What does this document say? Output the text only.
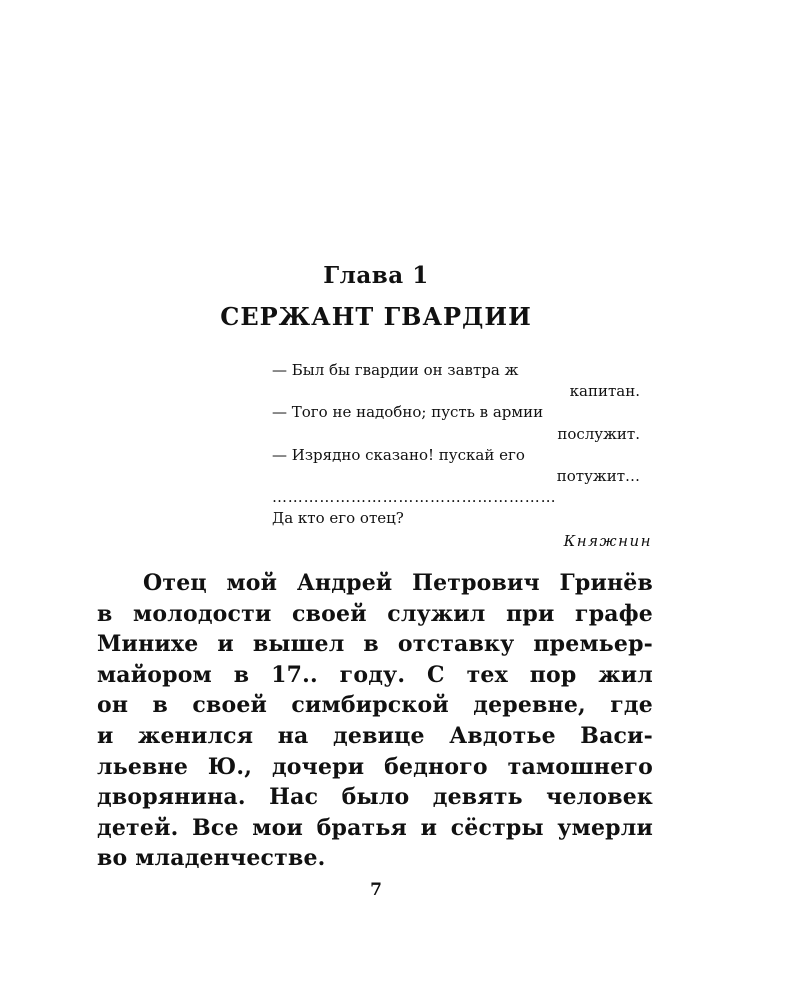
Глава 1
СЕРЖАНТ ГВАРДИИ
— Был бы гвардии он завтра ж
капитан.
— Того не надобно; пусть в армии
послужит.
— Изрядно сказано! пускай его
потужит…
………………………………………………
Да кто его отец?
Княжнин
Отец мой Андрей Петрович Гринёв
в молодости своей служил при графе
Минихе и вышел в отставку премьер-
майором в 17.. году. С тех пор жил
он в своей симбирской деревне, где
и женился на девице Авдотье Васи-
льевне Ю., дочери бедного тамошнего
дворянина. Нас было девять человек
детей. Все мои братья и сёстры умерли
во младенчестве.
7
